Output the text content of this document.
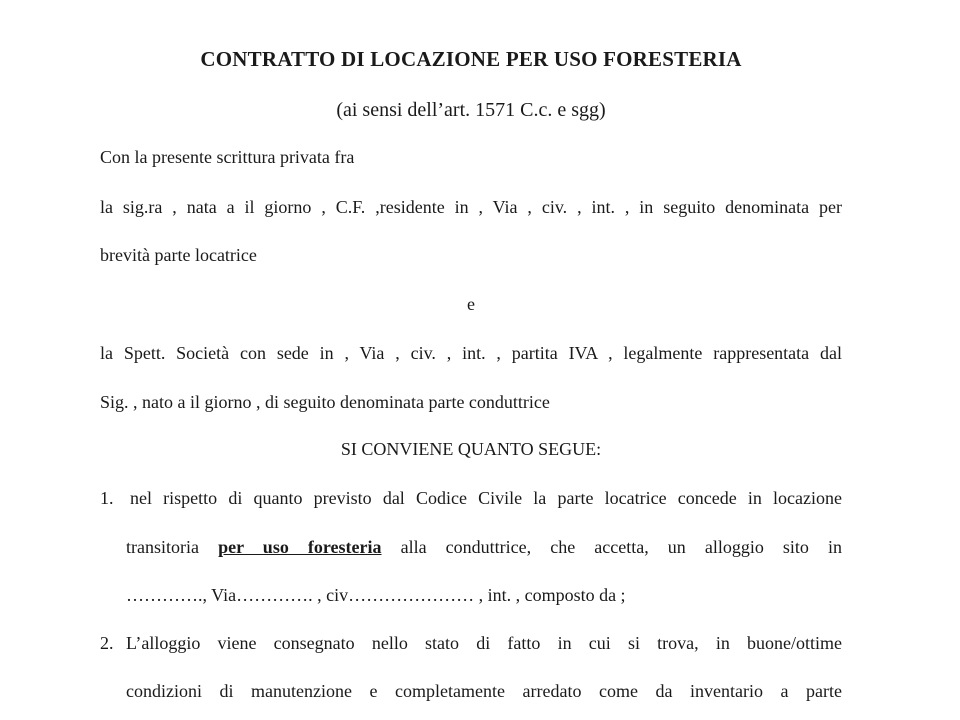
CONTRATTO DI LOCAZIONE PER USO FORESTERIA
(ai sensi dell’art. 1571 C.c. e sgg)
Con la presente scrittura privata fra
la sig.ra , nata a il giorno , C.F. ,residente in , Via , civ. , int. , in seguito denominata per
brevità parte locatrice
e
la Spett. Società con sede in , Via , civ. , int. , partita IVA , legalmente rappresentata dal
Sig. , nato a il giorno , di seguito denominata parte conduttrice
SI CONVIENE QUANTO SEGUE:
1. nel rispetto di quanto previsto dal Codice Civile la parte locatrice concede in locazione
transitoria per uso foresteria alla conduttrice, che accetta, un alloggio sito in
…………., Via…………. , civ………………… , int. , composto da ;
2. L’alloggio viene consegnato nello stato di fatto in cui si trova, in buone/ottime
condizioni di manutenzione e completamente arredato come da inventario a parte
